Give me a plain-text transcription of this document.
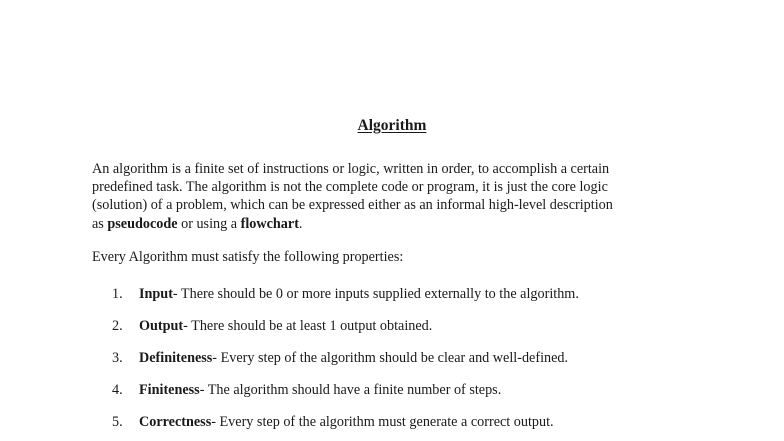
Algorithm

An algorithm is a finite set of instructions or logic, written in order, to accomplish a certain
predefined task. The algorithm is not the complete code or program, it is just the core logic
(solution) of a problem, which can be expressed either as an informal high-level description
as pseudocode or using a flowchart.

Every Algorithm must satisfy the following properties:

1.	Input- There should be 0 or more inputs supplied externally to the algorithm.
2.	Output- There should be at least 1 output obtained.
3.	Definiteness- Every step of the algorithm should be clear and well-defined.
4.	Finiteness- The algorithm should have a finite number of steps.
5.	Correctness- Every step of the algorithm must generate a correct output.
